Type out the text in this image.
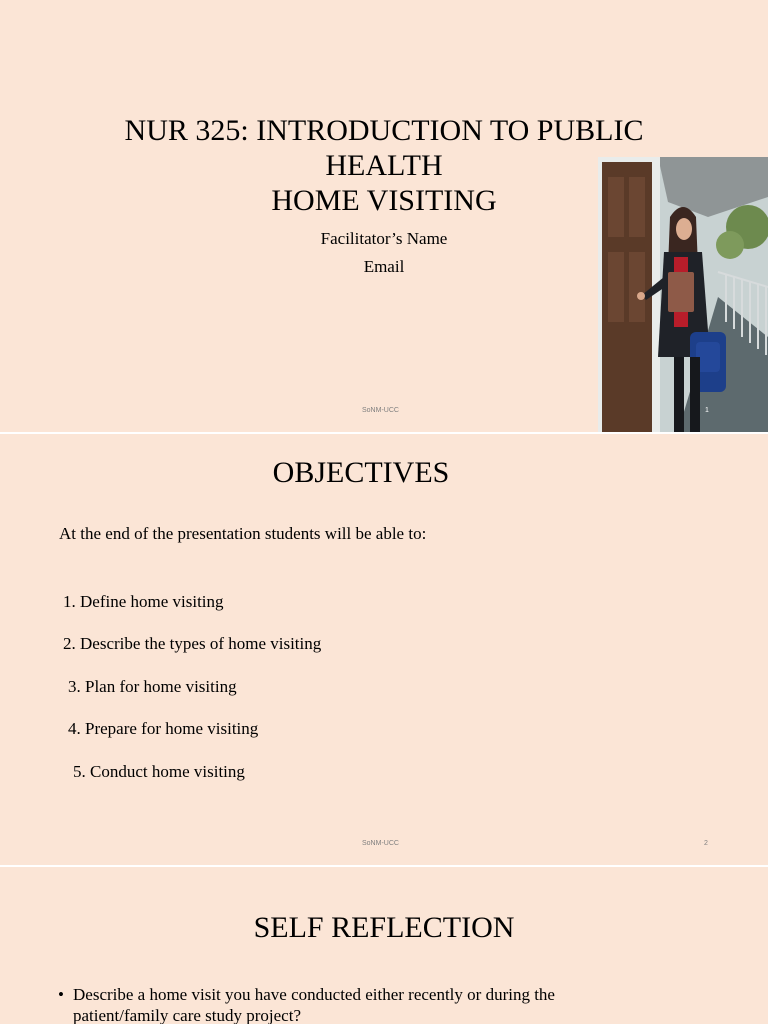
NUR 325: INTRODUCTION TO PUBLIC
HEALTH
HOME VISITING
Facilitator’s Name
Email
SoNM-UCC	1
OBJECTIVES
At the end of the presentation students will be able to:
1. Define home visiting
2. Describe the types of home visiting
3. Plan for home visiting
4. Prepare for home visiting
5. Conduct home visiting
SoNM-UCC	2
SELF REFLECTION
• Describe a home visit you have conducted either recently or during the patient/family care study project?
